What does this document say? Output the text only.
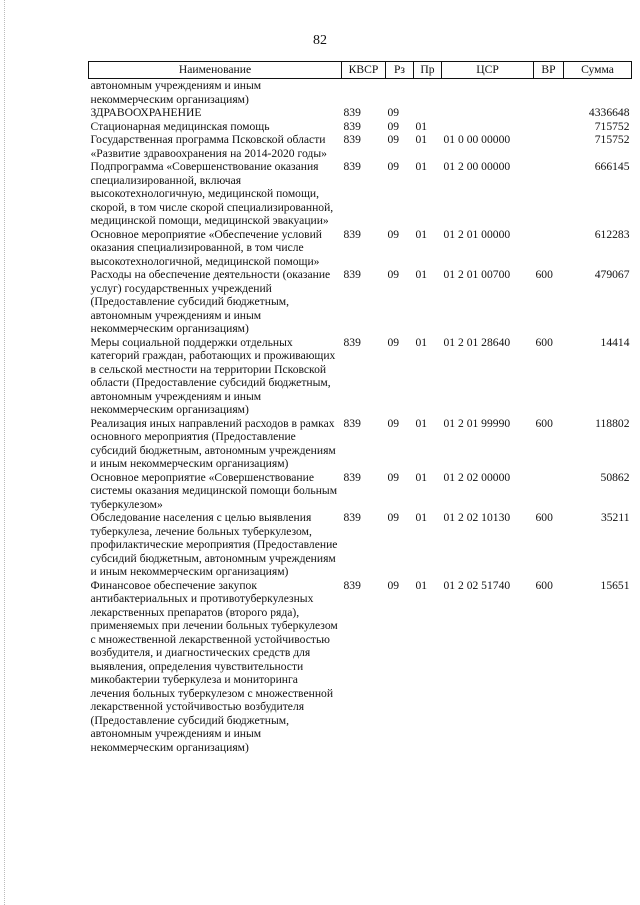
82
Наименование	КВСР	Рз	Пр	ЦСР	ВР	Сумма
автономным учреждениям и иным некоммерческим организациям)						
ЗДРАВООХРАНЕНИЕ	839	09				4336648
Стационарная медицинская помощь	839	09	01			715752
Государственная программа Псковской области «Развитие здравоохранения на 2014-2020 годы»	839	09	01	01 0 00 00000		715752
Подпрограмма «Совершенствование оказания специализированной, включая высокотехнологичную, медицинской помощи, скорой, в том числе скорой специализированной, медицинской помощи, медицинской эвакуации»	839	09	01	01 2 00 00000		666145
Основное мероприятие «Обеспечение условий оказания специализированной, в том числе высокотехнологичной, медицинской помощи»	839	09	01	01 2 01 00000		612283
Расходы на обеспечение деятельности (оказание услуг) государственных учреждений (Предоставление субсидий бюджетным, автономным учреждениям и иным некоммерческим организациям)	839	09	01	01 2 01 00700	600	479067
Меры социальной поддержки отдельных категорий граждан, работающих и проживающих в сельской местности на территории Псковской области (Предоставление субсидий бюджетным, автономным учреждениям и иным некоммерческим организациям)	839	09	01	01 2 01 28640	600	14414
Реализация иных направлений расходов в рамках основного мероприятия (Предоставление субсидий бюджетным, автономным учреждениям и иным некоммерческим организациям)	839	09	01	01 2 01 99990	600	118802
Основное мероприятие «Совершенствование системы оказания медицинской помощи больным туберкулезом»	839	09	01	01 2 02 00000		50862
Обследование населения с целью выявления туберкулеза, лечение больных туберкулезом, профилактические мероприятия (Предоставление субсидий бюджетным, автономным учреждениям и иным некоммерческим организациям)	839	09	01	01 2 02 10130	600	35211
Финансовое обеспечение закупок антибактериальных и противотуберкулезных лекарственных препаратов (второго ряда), применяемых при лечении больных туберкулезом с множественной лекарственной устойчивостью возбудителя, и диагностических средств для выявления, определения чувствительности микобактерии туберкулеза и мониторинга лечения больных туберкулезом с множественной лекарственной устойчивостью возбудителя (Предоставление субсидий бюджетным, автономным учреждениям и иным некоммерческим организациям)	839	09	01	01 2 02 51740	600	15651
